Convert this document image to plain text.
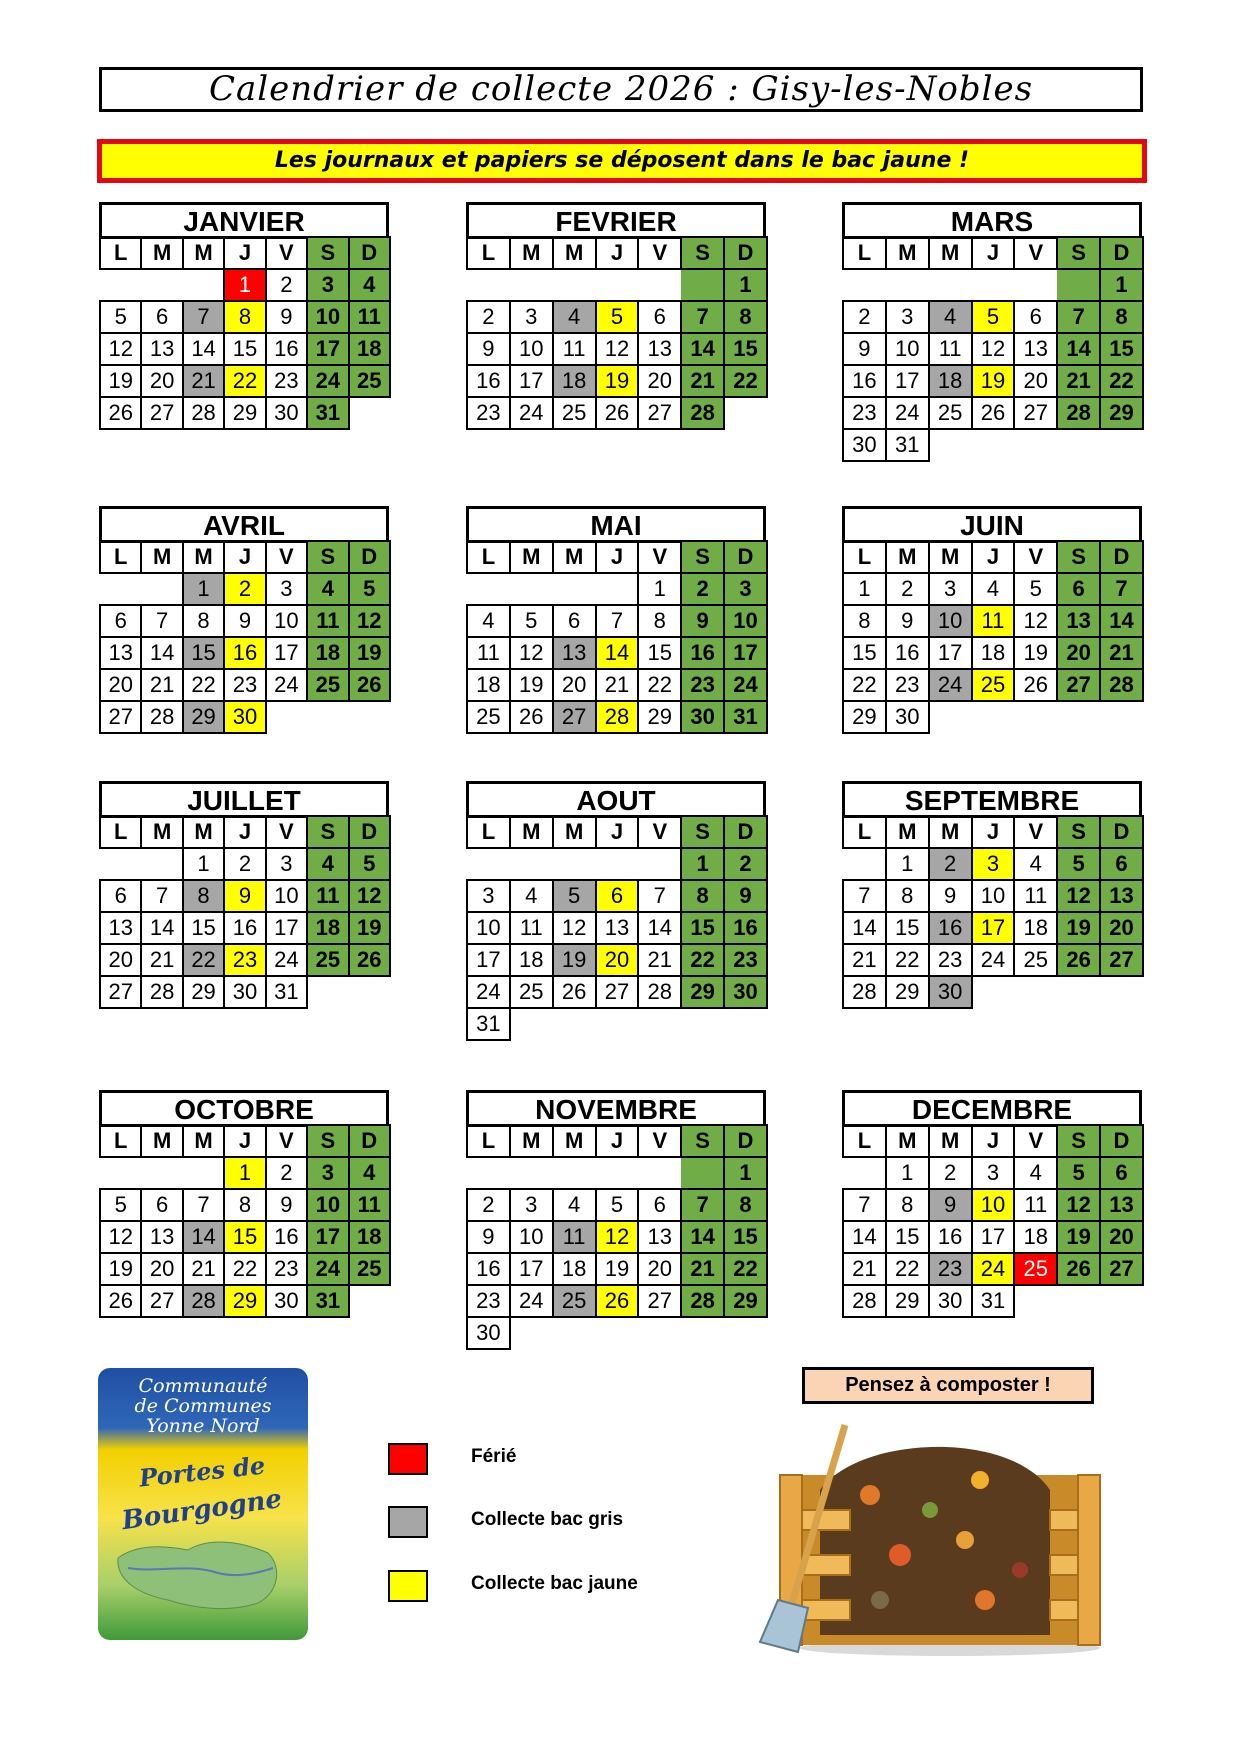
Calendrier de collecte 2026 : Gisy-les-Nobles
Les journaux et papiers se déposent dans le bac jaune !
JANVIER
L	M	M	J	V	S	D
			1	2	3	4
5	6	7	8	9	10	11
12	13	14	15	16	17	18
19	20	21	22	23	24	25
26	27	28	29	30	31	
FEVRIER
L	M	M	J	V	S	D
						1
2	3	4	5	6	7	8
9	10	11	12	13	14	15
16	17	18	19	20	21	22
23	24	25	26	27	28	
MARS
L	M	M	J	V	S	D
						1
2	3	4	5	6	7	8
9	10	11	12	13	14	15
16	17	18	19	20	21	22
23	24	25	26	27	28	29
30	31					
AVRIL
L	M	M	J	V	S	D
		1	2	3	4	5
6	7	8	9	10	11	12
13	14	15	16	17	18	19
20	21	22	23	24	25	26
27	28	29	30			
MAI
L	M	M	J	V	S	D
				1	2	3
4	5	6	7	8	9	10
11	12	13	14	15	16	17
18	19	20	21	22	23	24
25	26	27	28	29	30	31
JUIN
L	M	M	J	V	S	D
1	2	3	4	5	6	7
8	9	10	11	12	13	14
15	16	17	18	19	20	21
22	23	24	25	26	27	28
29	30					
JUILLET
L	M	M	J	V	S	D
		1	2	3	4	5
6	7	8	9	10	11	12
13	14	15	16	17	18	19
20	21	22	23	24	25	26
27	28	29	30	31		
AOUT
L	M	M	J	V	S	D
					1	2
3	4	5	6	7	8	9
10	11	12	13	14	15	16
17	18	19	20	21	22	23
24	25	26	27	28	29	30
31						
SEPTEMBRE
L	M	M	J	V	S	D
	1	2	3	4	5	6
7	8	9	10	11	12	13
14	15	16	17	18	19	20
21	22	23	24	25	26	27
28	29	30				
OCTOBRE
L	M	M	J	V	S	D
			1	2	3	4
5	6	7	8	9	10	11
12	13	14	15	16	17	18
19	20	21	22	23	24	25
26	27	28	29	30	31	
NOVEMBRE
L	M	M	J	V	S	D
						1
2	3	4	5	6	7	8
9	10	11	12	13	14	15
16	17	18	19	20	21	22
23	24	25	26	27	28	29
30						
DECEMBRE
L	M	M	J	V	S	D
	1	2	3	4	5	6
7	8	9	10	11	12	13
14	15	16	17	18	19	20
21	22	23	24	25	26	27
28	29	30	31			
Communauté
de Communes
Yonne Nord
Portes de
Bourgogne
Férié
Collecte bac gris
Collecte bac jaune
Pensez à composter !
